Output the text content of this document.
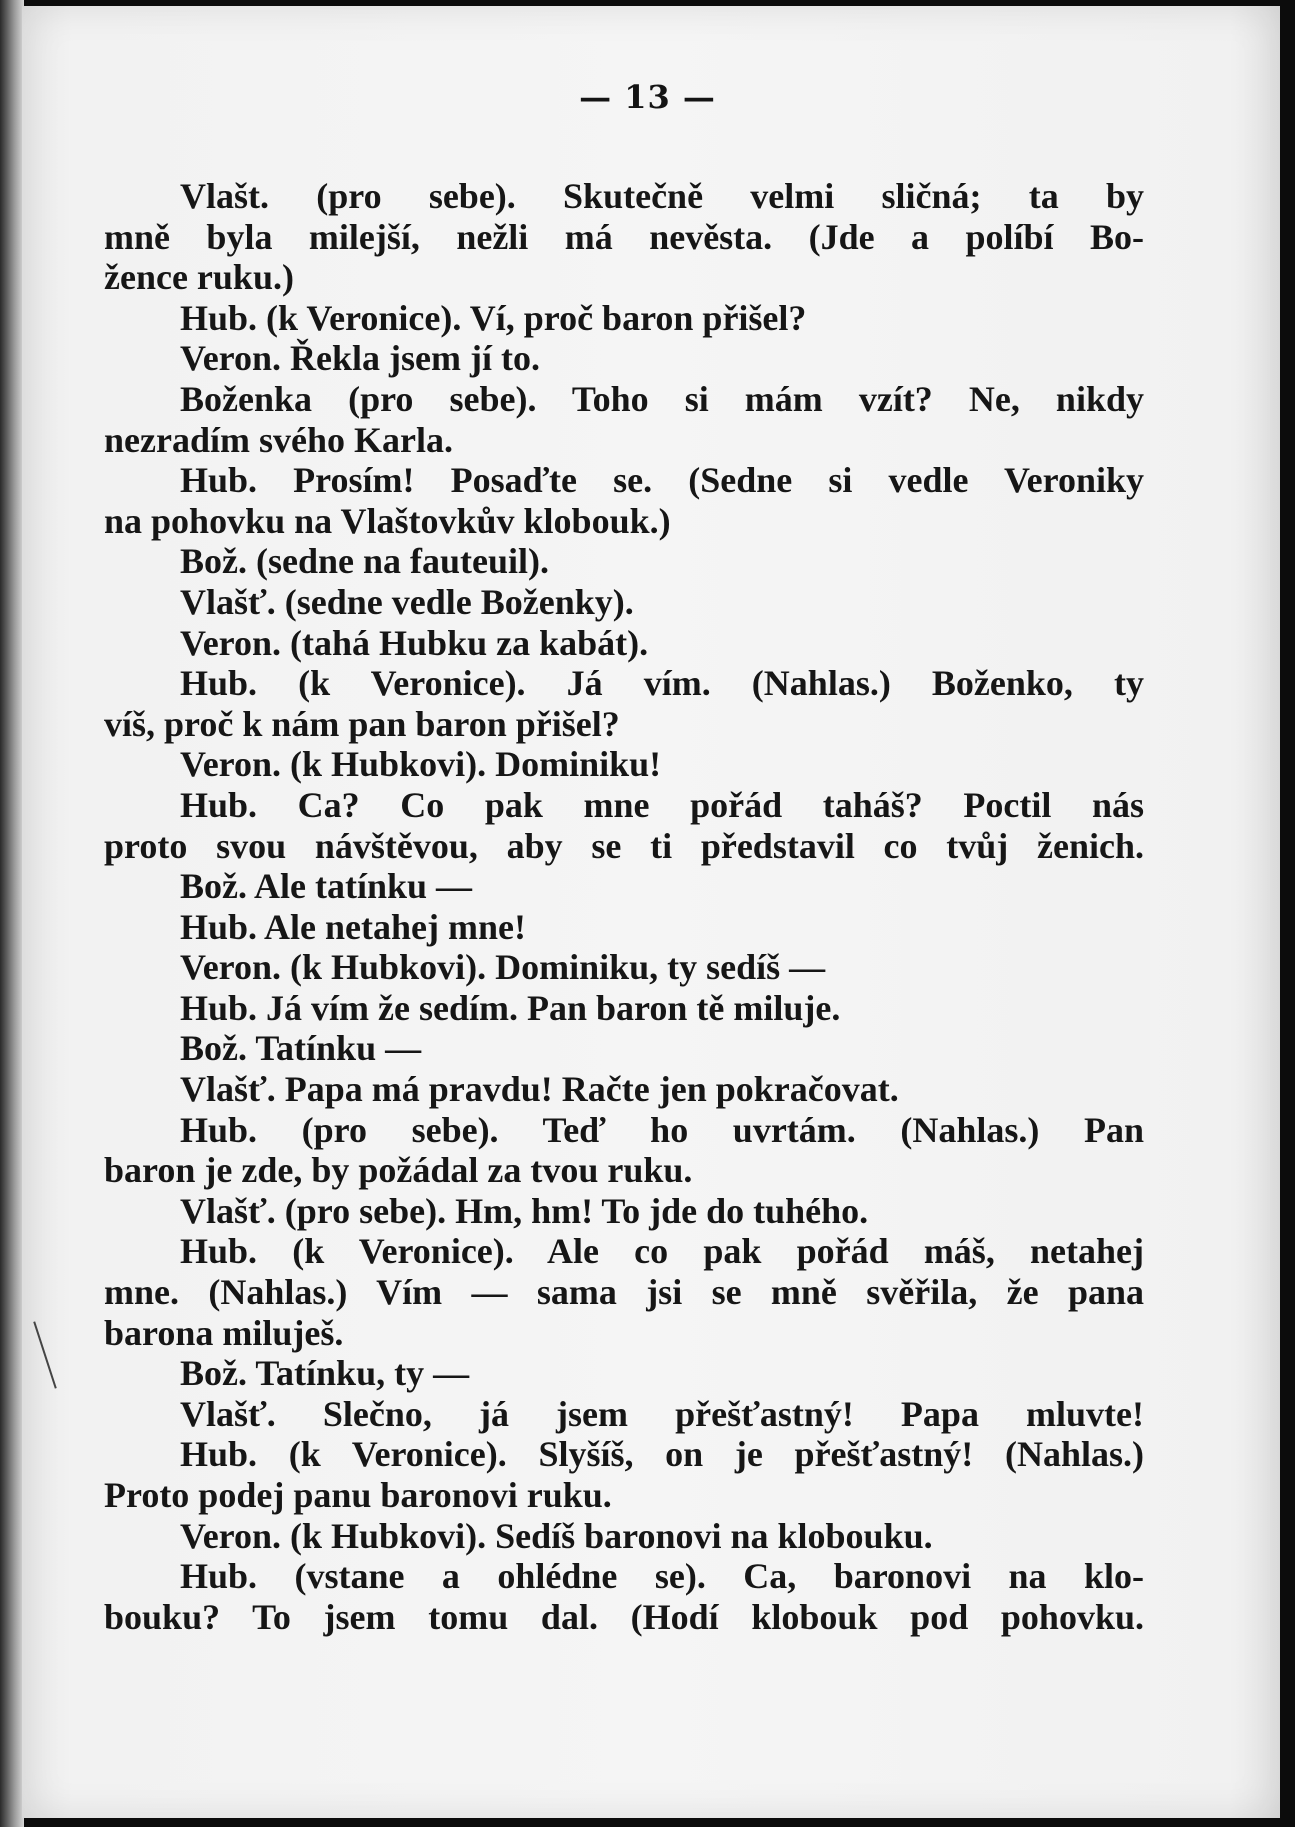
— 13 —
Vlašt. (pro sebe). Skutečně velmi sličná; ta by
mně byla milejší, nežli má nevěsta. (Jde a políbí Bo-
žence ruku.)
Hub. (k Veronice). Ví, proč baron přišel?
Veron. Řekla jsem jí to.
Boženka (pro sebe). Toho si mám vzít? Ne, nikdy
nezradím svého Karla.
Hub. Prosím! Posaďte se. (Sedne si vedle Veroniky
na pohovku na Vlaštovkův klobouk.)
Bož. (sedne na fauteuil).
Vlašť. (sedne vedle Boženky).
Veron. (tahá Hubku za kabát).
Hub. (k Veronice). Já vím. (Nahlas.) Boženko, ty
víš, proč k nám pan baron přišel?
Veron. (k Hubkovi). Dominiku!
Hub. Ca? Co pak mne pořád taháš? Poctil nás
proto svou návštěvou, aby se ti představil co tvůj ženich.
Bož. Ale tatínku —
Hub. Ale netahej mne!
Veron. (k Hubkovi). Dominiku, ty sedíš —
Hub. Já vím že sedím. Pan baron tě miluje.
Bož. Tatínku —
Vlašť. Papa má pravdu! Račte jen pokračovat.
Hub. (pro sebe). Teď ho uvrtám. (Nahlas.) Pan
baron je zde, by požádal za tvou ruku.
Vlašť. (pro sebe). Hm, hm! To jde do tuhého.
Hub. (k Veronice). Ale co pak pořád máš, netahej
mne. (Nahlas.) Vím — sama jsi se mně svěřila, že pana
barona miluješ.
Bož. Tatínku, ty —
Vlašť. Slečno, já jsem přešťastný! Papa mluvte!
Hub. (k Veronice). Slyšíš, on je přešťastný! (Nahlas.)
Proto podej panu baronovi ruku.
Veron. (k Hubkovi). Sedíš baronovi na klobouku.
Hub. (vstane a ohlédne se). Ca, baronovi na klo-
bouku? To jsem tomu dal. (Hodí klobouk pod pohovku.
